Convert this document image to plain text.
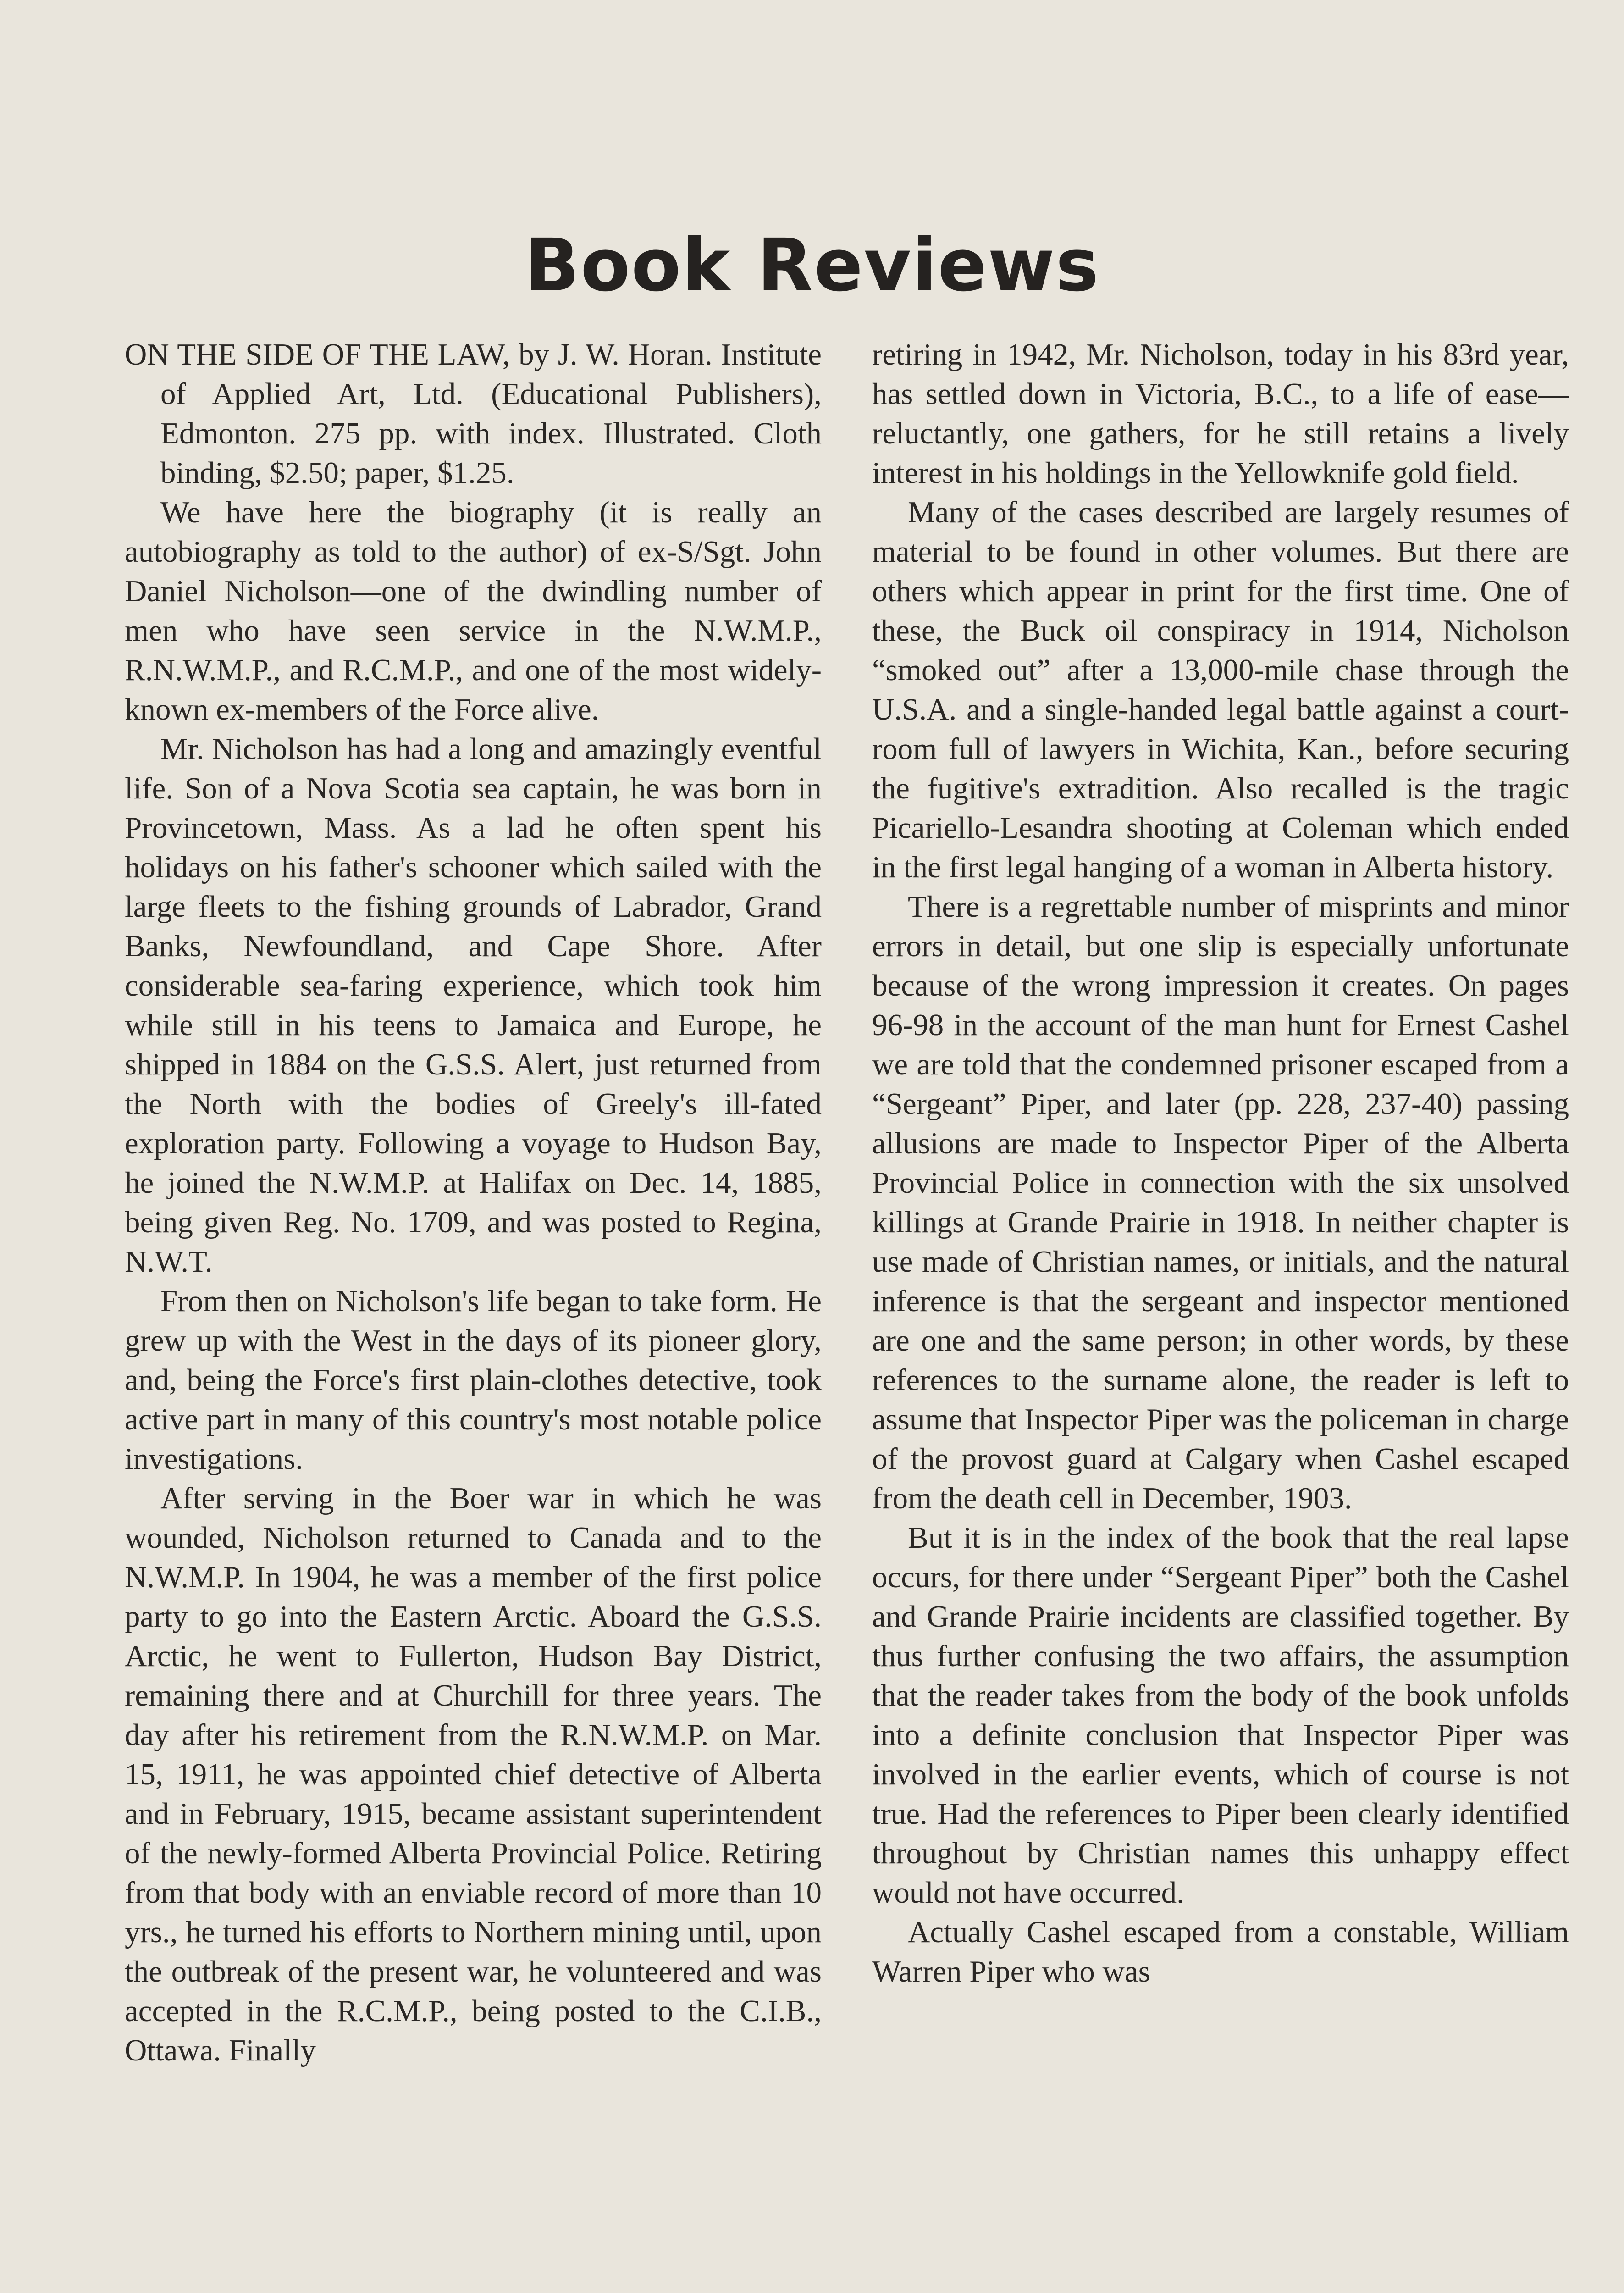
Book Reviews

ON THE SIDE OF THE LAW, by J. W. Horan. Institute of Applied Art, Ltd. (Educational Publishers), Edmonton. 275 pp. with index. Illustrated. Cloth binding, $2.50; paper, $1.25.

We have here the biography (it is really an autobiography as told to the author) of ex-S/Sgt. John Daniel Nicholson—one of the dwindling number of men who have seen service in the N.W.M.P., R.N.W.M.P., and R.C.M.P., and one of the most widely-known ex-members of the Force alive.

Mr. Nicholson has had a long and amazingly eventful life. Son of a Nova Scotia sea captain, he was born in Provincetown, Mass. As a lad he often spent his holidays on his father's schooner which sailed with the large fleets to the fishing grounds of Labrador, Grand Banks, Newfoundland, and Cape Shore. After considerable sea-faring experience, which took him while still in his teens to Jamaica and Europe, he shipped in 1884 on the G.S.S. Alert, just returned from the North with the bodies of Greely's ill-fated exploration party. Following a voyage to Hudson Bay, he joined the N.W.M.P. at Halifax on Dec. 14, 1885, being given Reg. No. 1709, and was posted to Regina, N.W.T.

From then on Nicholson's life began to take form. He grew up with the West in the days of its pioneer glory, and, being the Force's first plain-clothes detective, took active part in many of this country's most notable police investigations.

After serving in the Boer war in which he was wounded, Nicholson returned to Canada and to the N.W.M.P. In 1904, he was a member of the first police party to go into the Eastern Arctic. Aboard the G.S.S. Arctic, he went to Fullerton, Hudson Bay District, remaining there and at Churchill for three years. The day after his retirement from the R.N.W.M.P. on Mar. 15, 1911, he was appointed chief detective of Alberta and in February, 1915, became assistant superintendent of the newly-formed Alberta Provincial Police. Retiring from that body with an enviable record of more than 10 yrs., he turned his efforts to Northern mining until, upon the outbreak of the present war, he volunteered and was accepted in the R.C.M.P., being posted to the C.I.B., Ottawa. Finally

retiring in 1942, Mr. Nicholson, today in his 83rd year, has settled down in Victoria, B.C., to a life of ease—reluctantly, one gathers, for he still retains a lively interest in his holdings in the Yellowknife gold field.

Many of the cases described are largely resumes of material to be found in other volumes. But there are others which appear in print for the first time. One of these, the Buck oil conspiracy in 1914, Nicholson “smoked out” after a 13,000-mile chase through the U.S.A. and a single-handed legal battle against a court-room full of lawyers in Wichita, Kan., before securing the fugitive's extradition. Also recalled is the tragic Picariello-Lesandra shooting at Coleman which ended in the first legal hanging of a woman in Alberta history.

There is a regrettable number of misprints and minor errors in detail, but one slip is especially unfortunate because of the wrong impression it creates. On pages 96-98 in the account of the man hunt for Ernest Cashel we are told that the condemned prisoner escaped from a “Sergeant” Piper, and later (pp. 228, 237-40) passing allusions are made to Inspector Piper of the Alberta Provincial Police in connection with the six unsolved killings at Grande Prairie in 1918. In neither chapter is use made of Christian names, or initials, and the natural inference is that the sergeant and inspector mentioned are one and the same person; in other words, by these references to the surname alone, the reader is left to assume that Inspector Piper was the policeman in charge of the provost guard at Calgary when Cashel escaped from the death cell in December, 1903.

But it is in the index of the book that the real lapse occurs, for there under “Sergeant Piper” both the Cashel and Grande Prairie incidents are classified together. By thus further confusing the two affairs, the assumption that the reader takes from the body of the book unfolds into a definite conclusion that Inspector Piper was involved in the earlier events, which of course is not true. Had the references to Piper been clearly identified throughout by Christian names this unhappy effect would not have occurred.

Actually Cashel escaped from a constable, William Warren Piper who was
